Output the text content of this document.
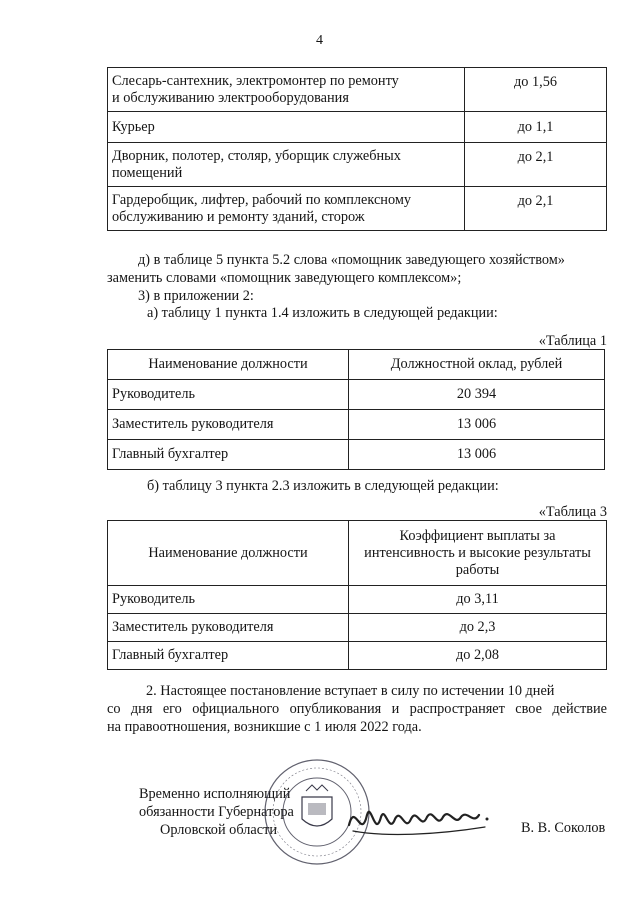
4
Слесарь-сантехник, электромонтер по ремонту
и обслуживанию электрооборудования	до 1,56
Курьер	до 1,1
Дворник, полотер, столяр, уборщик служебных
помещений	до 2,1
Гардеробщик, лифтер, рабочий по комплексному
обслуживанию и ремонту зданий, сторож	до 2,1
д) в таблице 5 пункта 5.2 слова «помощник заведующего хозяйством»
заменить словами «помощник заведующего комплексом»;
3) в приложении 2:
а) таблицу 1 пункта 1.4 изложить в следующей редакции:
«Таблица 1
Наименование должности	Должностной оклад, рублей
Руководитель	20 394
Заместитель руководителя	13 006
Главный бухгалтер	13 006
б) таблицу 3 пункта 2.3 изложить в следующей редакции:
«Таблица 3
Наименование должности	Коэффициент выплаты за
интенсивность и высокие результаты
работы
Руководитель	до 3,11
Заместитель руководителя	до 2,3
Главный бухгалтер	до 2,08
2. Настоящее постановление вступает в силу по истечении 10 дней
со дня его официального опубликования и распространяет свое действие
на правоотношения, возникшие с 1 июля 2022 года.
Временно исполняющий
обязанности Губернатора
Орловской области	В. В. Соколов
